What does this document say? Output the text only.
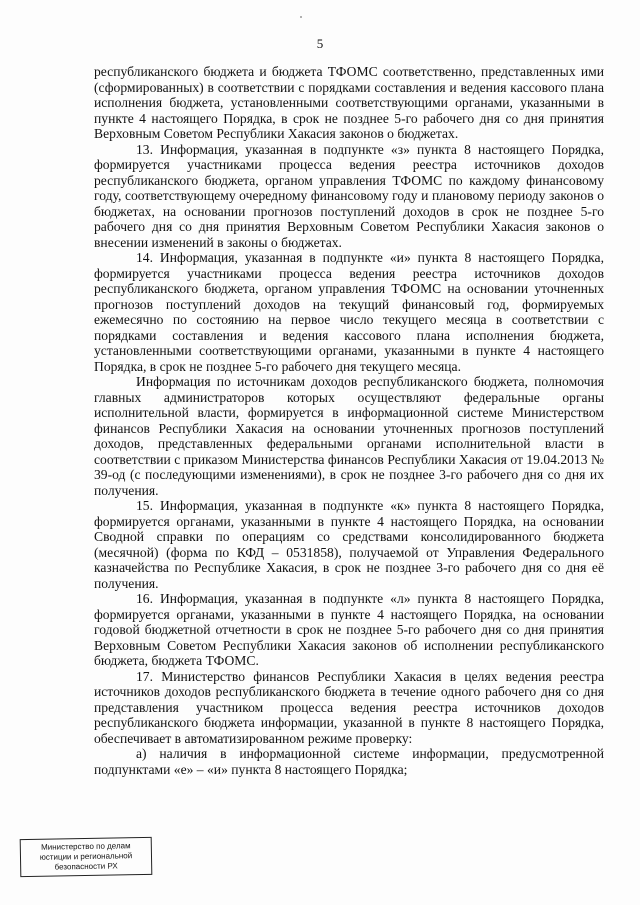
5

республиканского бюджета и бюджета ТФОМС соответственно, представленных ими (сформированных) в соответствии с порядками составления и ведения кассового плана исполнения бюджета, установленными соответствующими органами, указанными в пункте 4 настоящего Порядка, в срок не позднее 5-го рабочего дня со дня принятия Верховным Советом Республики Хакасия законов о бюджетах.

13. Информация, указанная в подпункте «з» пункта 8 настоящего Порядка, формируется участниками процесса ведения реестра источников доходов республиканского бюджета, органом управления ТФОМС по каждому финансовому году, соответствующему очередному финансовому году и плановому периоду законов о бюджетах, на основании прогнозов поступлений доходов в срок не позднее 5-го рабочего дня со дня принятия Верховным Советом Республики Хакасия законов о внесении изменений в законы о бюджетах.

14. Информация, указанная в подпункте «и» пункта 8 настоящего Порядка, формируется участниками процесса ведения реестра источников доходов республиканского бюджета, органом управления ТФОМС на основании уточненных прогнозов поступлений доходов на текущий финансовый год, формируемых ежемесячно по состоянию на первое число текущего месяца в соответствии с порядками составления и ведения кассового плана исполнения бюджета, установленными соответствующими органами, указанными в пункте 4 настоящего Порядка, в срок не позднее 5-го рабочего дня текущего месяца.

Информация по источникам доходов республиканского бюджета, полномочия главных администраторов которых осуществляют федеральные органы исполнительной власти, формируется в информационной системе Министерством финансов Республики Хакасия на основании уточненных прогнозов поступлений доходов, представленных федеральными органами исполнительной власти в соответствии с приказом Министерства финансов Республики Хакасия от 19.04.2013 № 39-од (с последующими изменениями), в срок не позднее 3-го рабочего дня со дня их получения.

15. Информация, указанная в подпункте «к» пункта 8 настоящего Порядка, формируется органами, указанными в пункте 4 настоящего Порядка, на основании Сводной справки по операциям со средствами консолидированного бюджета (месячной) (форма по КФД – 0531858), получаемой от Управления Федерального казначейства по Республике Хакасия, в срок не позднее 3-го рабочего дня со дня её получения.

16. Информация, указанная в подпункте «л» пункта 8 настоящего Порядка, формируется органами, указанными в пункте 4 настоящего Порядка, на основании годовой бюджетной отчетности в срок не позднее 5-го рабочего дня со дня принятия Верховным Советом Республики Хакасия законов об исполнении республиканского бюджета, бюджета ТФОМС.

17. Министерство финансов Республики Хакасия в целях ведения реестра источников доходов республиканского бюджета в течение одного рабочего дня со дня представления участником процесса ведения реестра источников доходов республиканского бюджета информации, указанной в пункте 8 настоящего Порядка, обеспечивает в автоматизированном режиме проверку:

а) наличия в информационной системе информации, предусмотренной подпунктами «е» – «и» пункта 8 настоящего Порядка;

Министерство по делам
юстиции и региональной
безопасности РХ
